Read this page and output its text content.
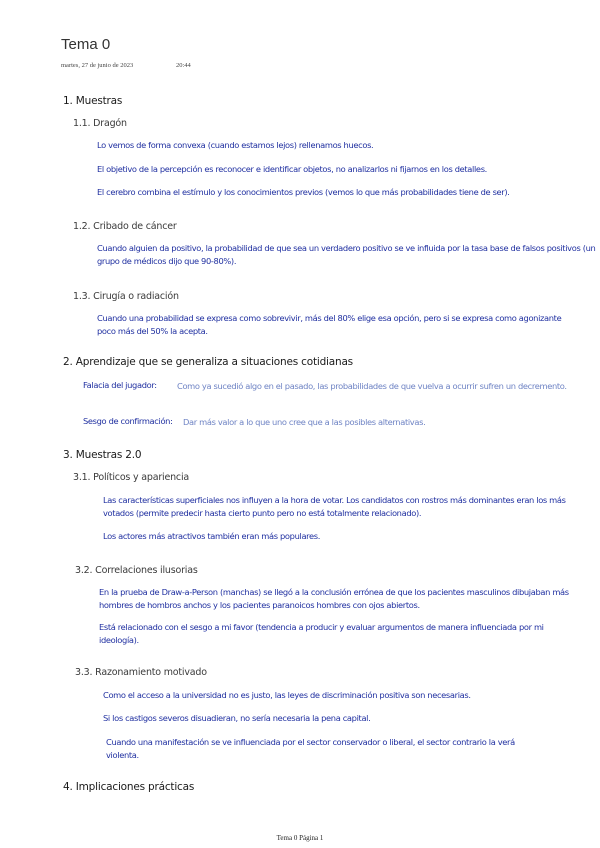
Tema 0
martes, 27 de junio de 2023	20:44
1. Muestras
1.1. Dragón
Lo vemos de forma convexa (cuando estamos lejos) rellenamos huecos.
El objetivo de la percepción es reconocer e identificar objetos, no analizarlos ni fijarnos en los detalles.
El cerebro combina el estímulo y los conocimientos previos (vemos lo que más probabilidades tiene de ser).
1.2. Cribado de cáncer
Cuando alguien da positivo, la probabilidad de que sea un verdadero positivo se ve influida por la tasa base de falsos positivos (un grupo de médicos dijo que 90-80%).
1.3. Cirugía o radiación
Cuando una probabilidad se expresa como sobrevivir, más del 80% elige esa opción, pero si se expresa como agonizante poco más del 50% la acepta.
2. Aprendizaje que se generaliza a situaciones cotidianas
Falacia del jugador: Como ya sucedió algo en el pasado, las probabilidades de que vuelva a ocurrir sufren un decremento.
Sesgo de confirmación: Dar más valor a lo que uno cree que a las posibles alternativas.
3. Muestras 2.0
3.1. Políticos y apariencia
Las características superficiales nos influyen a la hora de votar. Los candidatos con rostros más dominantes eran los más votados (permite predecir hasta cierto punto pero no está totalmente relacionado).
Los actores más atractivos también eran más populares.
3.2. Correlaciones ilusorias
En la prueba de Draw-a-Person (manchas) se llegó a la conclusión errónea de que los pacientes masculinos dibujaban más hombres de hombros anchos y los pacientes paranoicos hombres con ojos abiertos.
Está relacionado con el sesgo a mi favor (tendencia a producir y evaluar argumentos de manera influenciada por mi ideología).
3.3. Razonamiento motivado
Como el acceso a la universidad no es justo, las leyes de discriminación positiva son necesarias.
Si los castigos severos disuadieran, no sería necesaria la pena capital.
Cuando una manifestación se ve influenciada por el sector conservador o liberal, el sector contrario la verá violenta.
4. Implicaciones prácticas
Tema 0 Página 1
